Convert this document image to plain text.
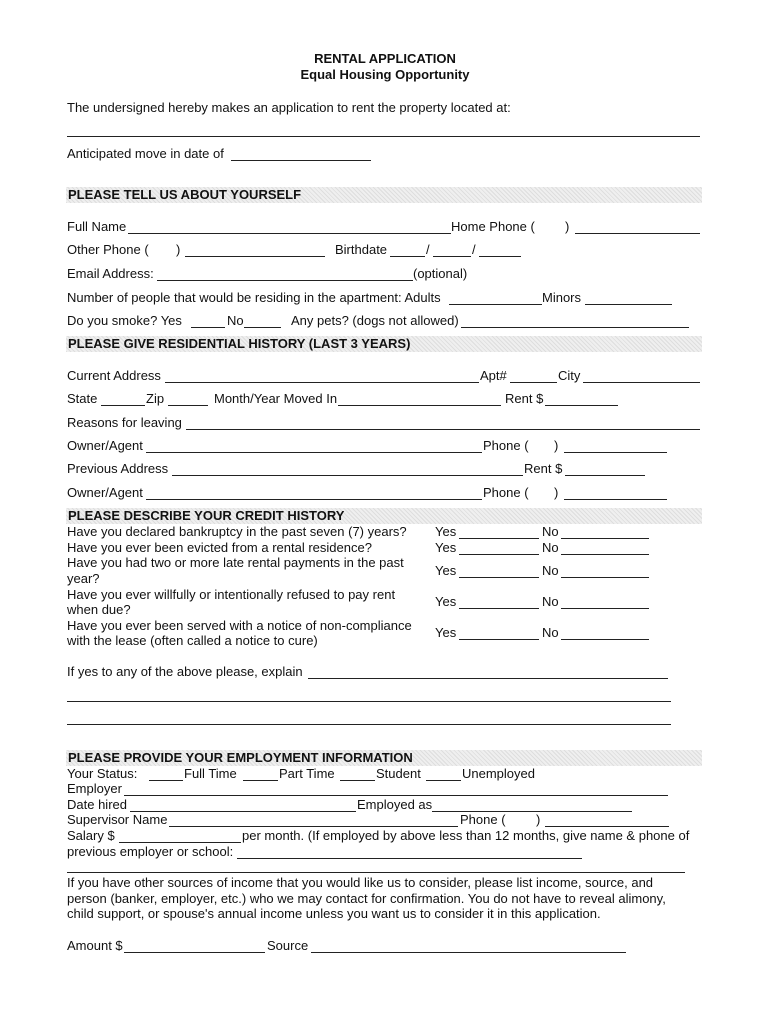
RENTAL APPLICATION
Equal Housing Opportunity
The undersigned hereby makes an application to rent the property located at:
Anticipated move in date of
PLEASE TELL US ABOUT YOURSELF
Full Name	Home Phone ( )
Other Phone ( )	Birthdate	/	/
Email Address:	(optional)
Number of people that would be residing in the apartment: Adults	Minors
Do you smoke? Yes	No	Any pets? (dogs not allowed)
PLEASE GIVE RESIDENTIAL HISTORY (LAST 3 YEARS)
Current Address	Apt#	City
State	Zip	Month/Year Moved In	Rent $
Reasons for leaving
Owner/Agent	Phone ( )
Previous Address	Rent $
Owner/Agent	Phone ( )
PLEASE DESCRIBE YOUR CREDIT HISTORY
Have you declared bankruptcy in the past seven (7) years? Yes	No
Have you ever been evicted from a rental residence?	Yes	No
Have you had two or more late rental payments in the past
year?
Yes	No
Have you ever willfully or intentionally refused to pay rent
when due?
Yes	No
Have you ever been served with a notice of non-compliance
with the lease (often called a notice to cure)
Yes	No
If yes to any of the above please, explain
PLEASE PROVIDE YOUR EMPLOYMENT INFORMATION
Your Status:	Full Time	Part Time	Student	Unemployed
Employer
Date hired	Employed as
Supervisor Name	Phone ( )
Salary $	per month. (If employed by above less than 12 months, give name & phone of
previous employer or school:
If you have other sources of income that you would like us to consider, please list income, source, and
person (banker, employer, etc.) who we may contact for confirmation. You do not have to reveal alimony,
child support, or spouse's annual income unless you want us to consider it in this application.
Amount $	Source
